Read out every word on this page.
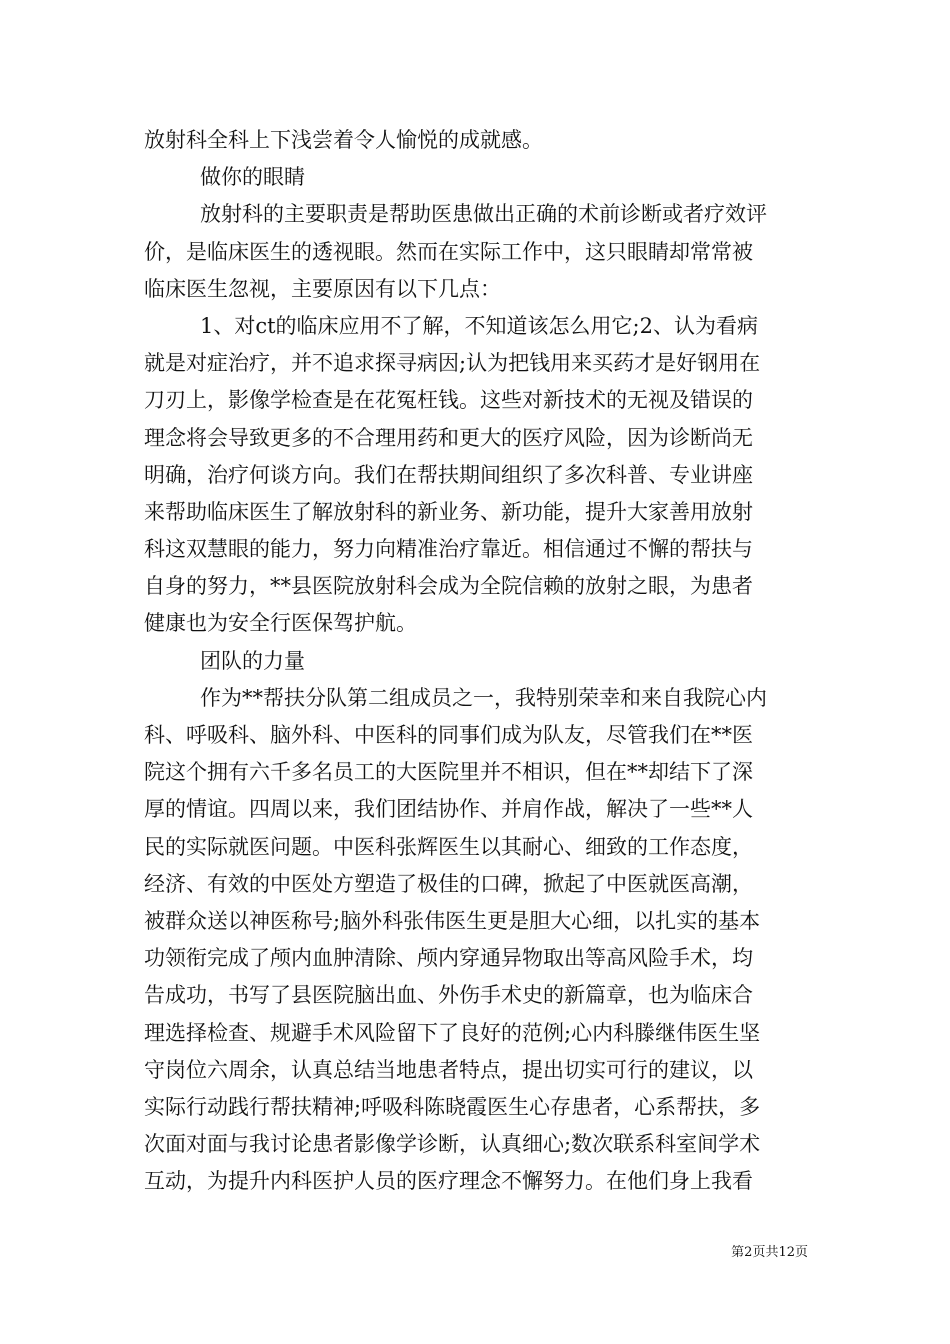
放射科全科上下浅尝着令人愉悦的成就感。
做你的眼睛
放射科的主要职责是帮助医患做出正确的术前诊断或者疗效评
价，是临床医生的透视眼。然而在实际工作中，这只眼睛却常常被
临床医生忽视，主要原因有以下几点：
1、对ct的临床应用不了解，不知道该怎么用它;2、认为看病
就是对症治疗，并不追求探寻病因;认为把钱用来买药才是好钢用在
刀刃上，影像学检查是在花冤枉钱。这些对新技术的无视及错误的
理念将会导致更多的不合理用药和更大的医疗风险，因为诊断尚无
明确，治疗何谈方向。我们在帮扶期间组织了多次科普、专业讲座
来帮助临床医生了解放射科的新业务、新功能，提升大家善用放射
科这双慧眼的能力，努力向精准治疗靠近。相信通过不懈的帮扶与
自身的努力，**县医院放射科会成为全院信赖的放射之眼，为患者
健康也为安全行医保驾护航。
团队的力量
作为**帮扶分队第二组成员之一，我特别荣幸和来自我院心内
科、呼吸科、脑外科、中医科的同事们成为队友，尽管我们在**医
院这个拥有六千多名员工的大医院里并不相识，但在**却结下了深
厚的情谊。四周以来，我们团结协作、并肩作战，解决了一些**人
民的实际就医问题。中医科张辉医生以其耐心、细致的工作态度，
经济、有效的中医处方塑造了极佳的口碑，掀起了中医就医高潮，
被群众送以神医称号;脑外科张伟医生更是胆大心细，以扎实的基本
功领衔完成了颅内血肿清除、颅内穿通异物取出等高风险手术，均
告成功，书写了县医院脑出血、外伤手术史的新篇章，也为临床合
理选择检查、规避手术风险留下了良好的范例;心内科滕继伟医生坚
守岗位六周余，认真总结当地患者特点，提出切实可行的建议，以
实际行动践行帮扶精神;呼吸科陈晓霞医生心存患者，心系帮扶，多
次面对面与我讨论患者影像学诊断，认真细心;数次联系科室间学术
互动，为提升内科医护人员的医疗理念不懈努力。在他们身上我看
第2页共12页
